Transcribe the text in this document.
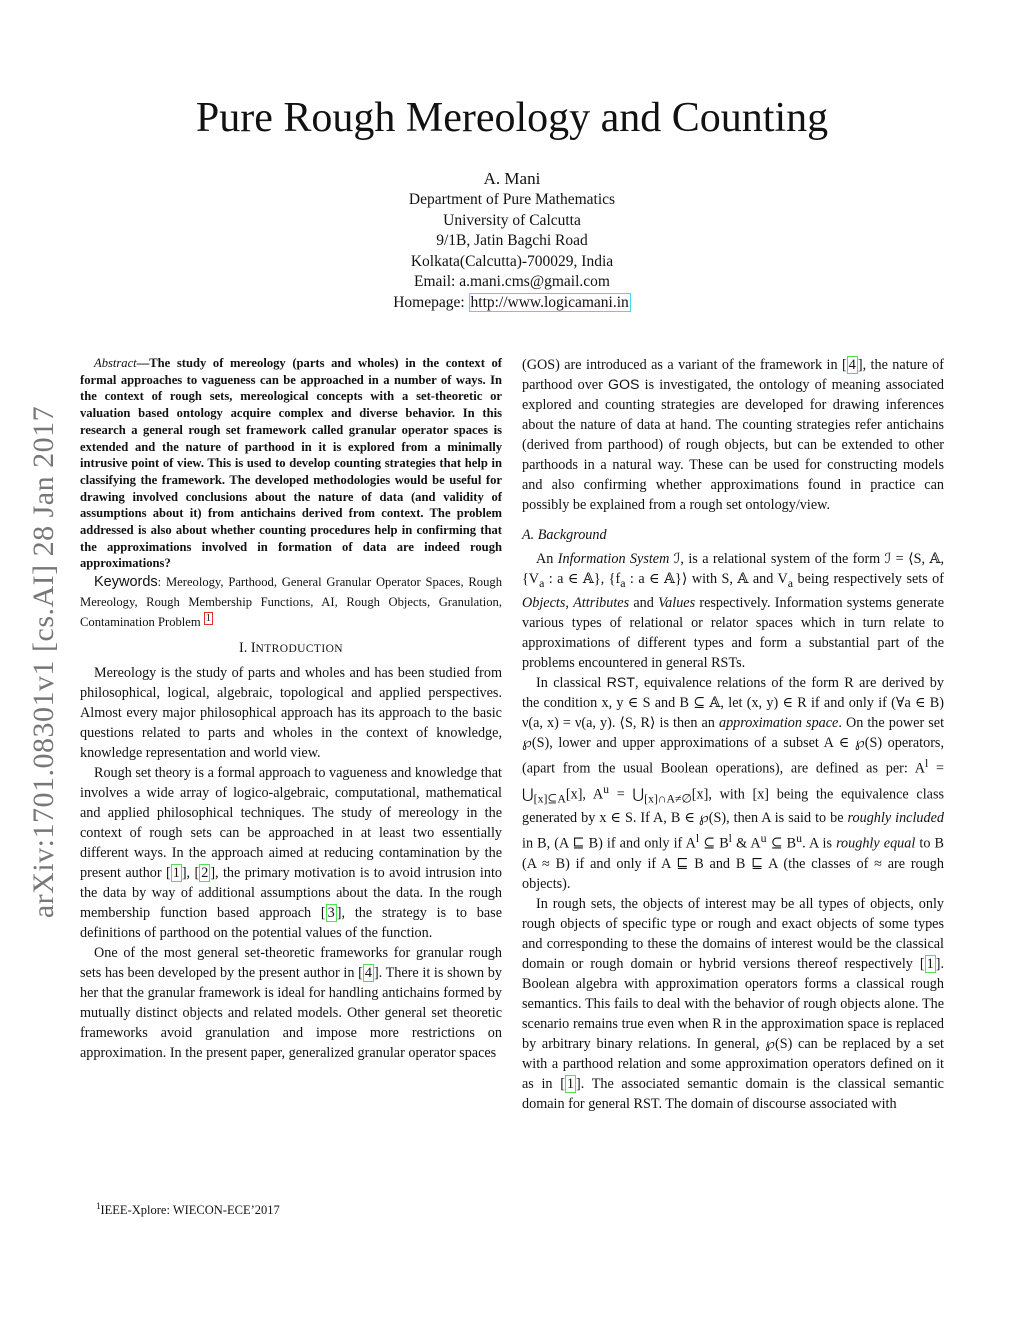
Pure Rough Mereology and Counting
A. Mani
Department of Pure Mathematics
University of Calcutta
9/1B, Jatin Bagchi Road
Kolkata(Calcutta)-700029, India
Email: a.mani.cms@gmail.com
Homepage: http://www.logicamani.in
arXiv:1701.08301v1 [cs.AI] 28 Jan 2017

Abstract—The study of mereology (parts and wholes) in the context of formal approaches to vagueness can be approached in a number of ways. In the context of rough sets, mereological concepts with a set-theoretic or valuation based ontology acquire complex and diverse behavior. In this research a general rough set framework called granular operator spaces is extended and the nature of parthood in it is explored from a minimally intrusive point of view. This is used to develop counting strategies that help in classifying the framework. The developed methodologies would be useful for drawing involved conclusions about the nature of data (and validity of assumptions about it) from antichains derived from context. The problem addressed is also about whether counting procedures help in confirming that the approximations involved in formation of data are indeed rough approximations?

Keywords: Mereology, Parthood, General Granular Operator Spaces, Rough Mereology, Rough Membership Functions, AI, Rough Objects, Granulation, Contamination Problem $^1$

I. INTRODUCTION

Mereology is the study of parts and wholes and has been studied from philosophical, logical, algebraic, topological and applied perspectives. Almost every major philosophical approach has its approach to the basic questions related to parts and wholes in the context of knowledge, knowledge representation and world view.

Rough set theory is a formal approach to vagueness and knowledge that involves a wide array of logico-algebraic, computational, mathematical and applied philosophical techniques. The study of mereology in the context of rough sets can be approached in at least two essentially different ways. In the approach aimed at reducing contamination by the present author [ 1 ], [ 2 ], the primary motivation is to avoid intrusion into the data by way of additional assumptions about the data. In the rough membership function based approach [ 3 ], the strategy is to base definitions of parthood on the potential values of the function.

One of the most general set-theoretic frameworks for granular rough sets has been developed by the present author in [ 4 ]. There it is shown by her that the granular framework is ideal for handling antichains formed by mutually distinct objects and related models. Other general set theoretic frameworks avoid granulation and impose more restrictions on approximation. In the present paper, generalized granular operator spaces

$^1$IEEE-Xplore: WIECON-ECE’2017

(GOS) are introduced as a variant of the framework in [ 4 ], the nature of parthood over GOS is investigated, the ontology of meaning associated explored and counting strategies are developed for drawing inferences about the nature of data at hand. The counting strategies refer antichains (derived from parthood) of rough objects, but can be extended to other parthoods in a natural way. These can be used for constructing models and also confirming whether approximations found in practice can possibly be explained from a rough set ontology/view.

A. Background

An Information System ℐ, is a relational system of the form ℐ = ⟨S, 𝔸, {$V_a$ : a ∈ 𝔸}, {$f_a$ : a ∈ 𝔸}⟩ with S, 𝔸 and $V_a$ being respectively sets of Objects, Attributes and Values respectively. Information systems generate various types of relational or relator spaces which in turn relate to approximations of different types and form a substantial part of the problems encountered in general RSTs.

In classical RST, equivalence relations of the form R are derived by the condition x, y ∈ S and B ⊆ 𝔸, let (x, y) ∈ R if and only if (∀a ∈ B) ν(a, x) = ν(a, y). ⟨S, R⟩ is then an approximation space. On the power set ℘(S), lower and upper approximations of a subset A ∈ ℘(S) operators, (apart from the usual Boolean operations), are defined as per: $A^l$ = $⋃_{[x]⊆A}[x]$, $A^u$ = $⋃_{[x]\cap A\ne\emptyset}[x]$, with [x] being the equivalence class generated by x ∈ S. If A, B ∈ ℘(S), then A is said to be roughly included in B, (A ⊑ B) if and only if $A^l$ ⊆ $B^l$ & $A^u$ ⊆ $B^u$. A is roughly equal to B (A ≈ B) if and only if A ⊑ B and B ⊑ A (the classes of ≈ are rough objects).

In rough sets, the objects of interest may be all types of objects, only rough objects of specific type or rough and exact objects of some types and corresponding to these the domains of interest would be the classical domain or rough domain or hybrid versions thereof respectively [ 1 ]. Boolean algebra with approximation operators forms a classical rough semantics. This fails to deal with the behavior of rough objects alone. The scenario remains true even when R in the approximation space is replaced by arbitrary binary relations. In general, ℘(S) can be replaced by a set with a parthood relation and some approximation operators defined on it as in [ 1 ]. The associated semantic domain is the classical semantic domain for general RST. The domain of discourse associated with
